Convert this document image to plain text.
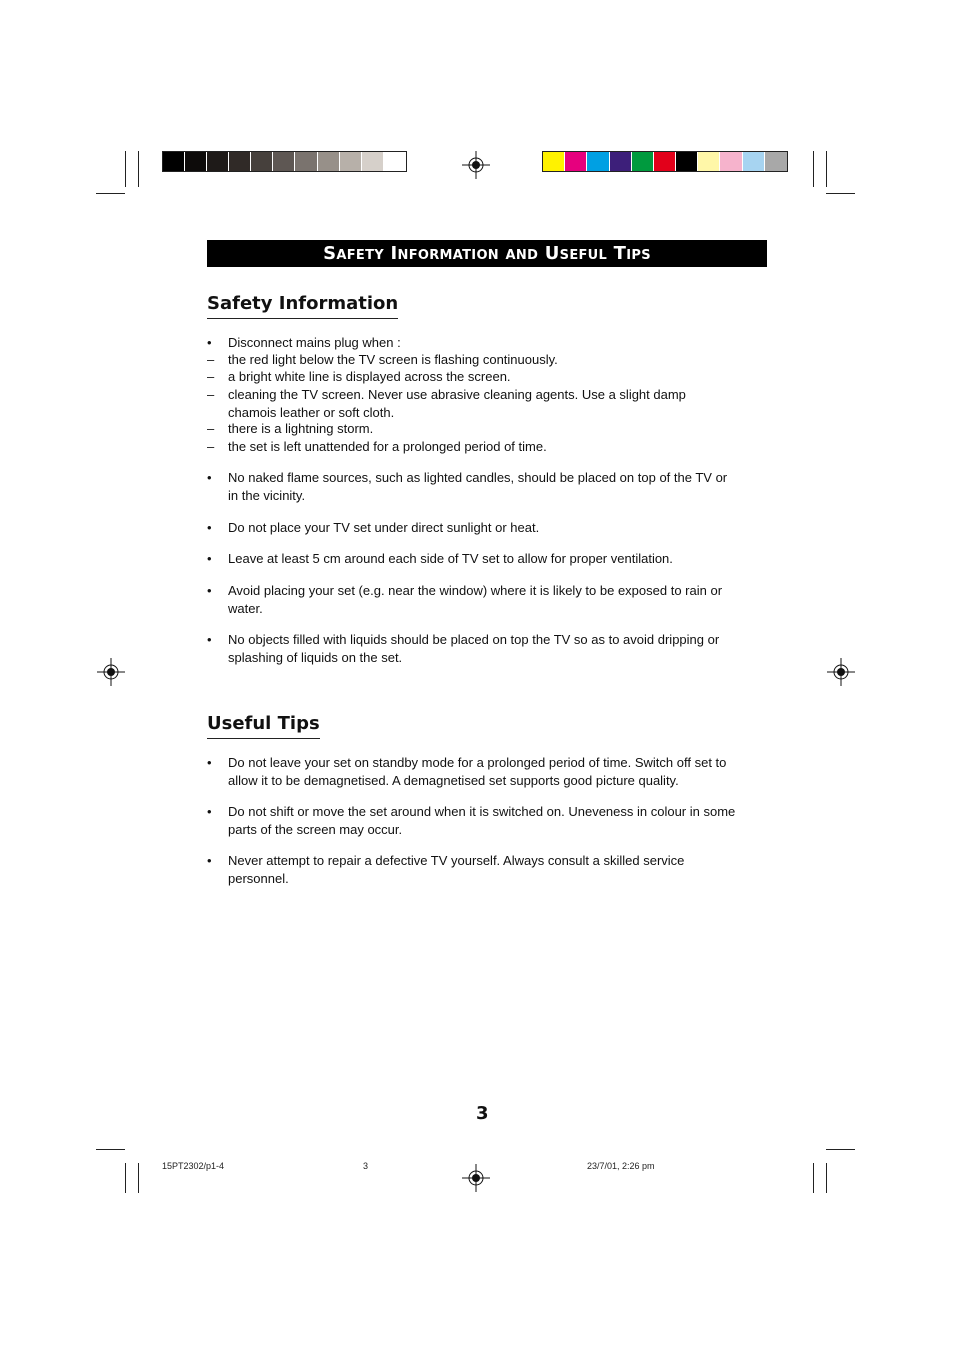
Safety Information and Useful Tips
Safety Information
•	Disconnect mains plug when :
–	the red light below the TV screen is flashing continuously.
–	a bright white line is displayed across the screen.
–	cleaning the TV screen. Never use abrasive cleaning agents. Use a slight damp chamois leather or soft cloth.
–	there is a lightning storm.
–	the set is left unattended for a prolonged period of time.
•	No naked flame sources, such as lighted candles, should be placed on top of the TV or in the vicinity.
•	Do not place your TV set under direct sunlight or heat.
•	Leave at least 5 cm around each side of TV set to allow for proper ventilation.
•	Avoid placing your set (e.g. near the window) where it is likely to be exposed to rain or water.
•	No objects filled with liquids should be placed on top the TV so as to avoid dripping or splashing of liquids on the set.
Useful Tips
•	Do not leave your set on standby mode for a prolonged period of time. Switch off set to allow it to be demagnetised. A demagnetised set supports good picture quality.
•	Do not shift or move the set around when it is switched on. Uneveness in colour in some parts of the screen may occur.
•	Never attempt to repair a defective TV yourself. Always consult a skilled service personnel.
3
15PT2302/p1-4	3	23/7/01, 2:26 pm
